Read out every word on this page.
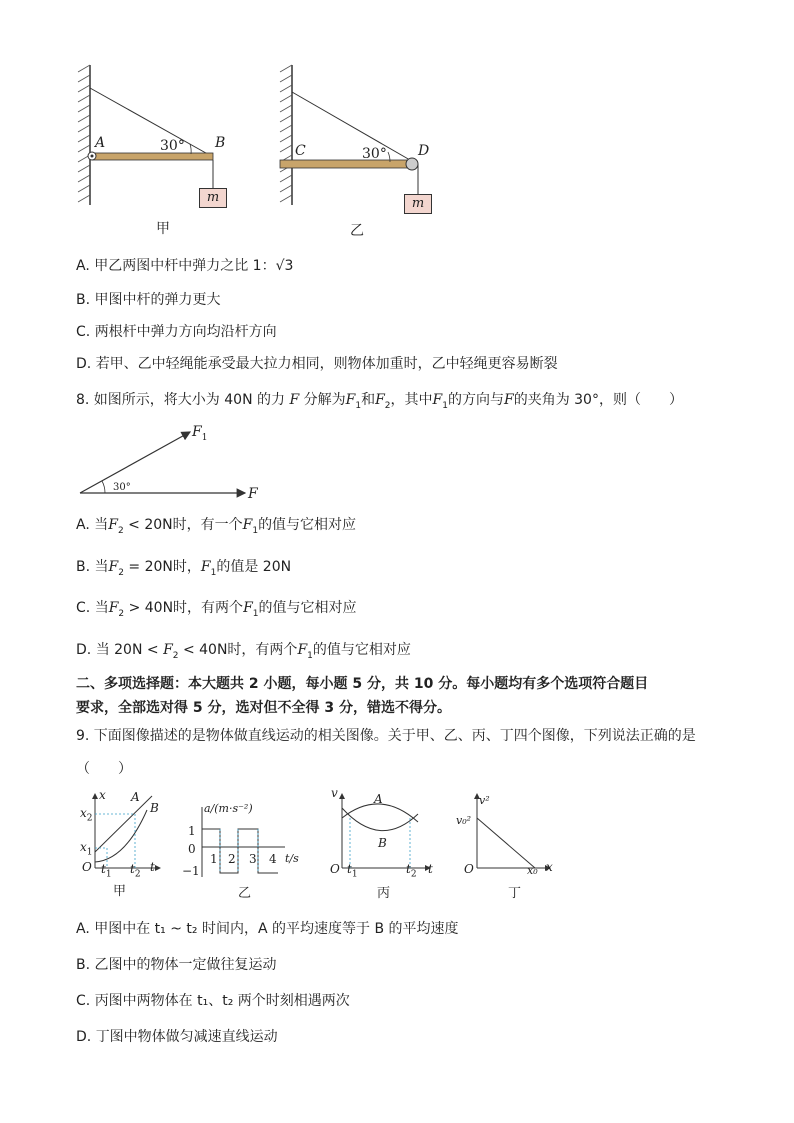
A	B
30°
m
甲
C	D
30°
m
乙
A. 甲乙两图中杆中弹力之比 1：√3
B. 甲图中杆的弹力更大
C. 两根杆中弹力方向均沿杆方向
D. 若甲、乙中轻绳能承受最大拉力相同，则物体加重时，乙中轻绳更容易断裂
8. 如图所示，将大小为 40N 的力 F 分解为$F_1$和$F_2$，其中$F_1$的方向与F的夹角为 30°，则（　　）
$F_1$
F
30°
A. 当$F_2 < 20N$时，有一个$F_1$的值与它相对应
B. 当$F_2 = 20N$时，$F_1$的值是 20N
C. 当$F_2 > 40N$时，有两个$F_1$的值与它相对应
D. 当 $20N < F_2 < 40N$时，有两个$F_1$的值与它相对应
二、多项选择题：本大题共 2 小题，每小题 5 分，共 10 分。每小题均有多个选项符合题目
要求，全部选对得 5 分，选对但不全得 3 分，错选不得分。
9. 下面图像描述的是物体做直线运动的相关图像。关于甲、乙、丙、丁四个图像，下列说法正确的是
（　　）
x
$x_2$
$x_1$
O $t_1$ $t_2$
t
A
B
甲
a/(m·s⁻²)
1
0
−1
1 2 3 4 t/s
乙
v	A
B
O $t_1$	$t_2$ t
丙
v²
v₀²
O	x₀ x
丁
A. 甲图中在 t₁ ~ t₂ 时间内，A 的平均速度等于 B 的平均速度
B. 乙图中的物体一定做往复运动
C. 丙图中两物体在 t₁、t₂ 两个时刻相遇两次
D. 丁图中物体做匀减速直线运动
